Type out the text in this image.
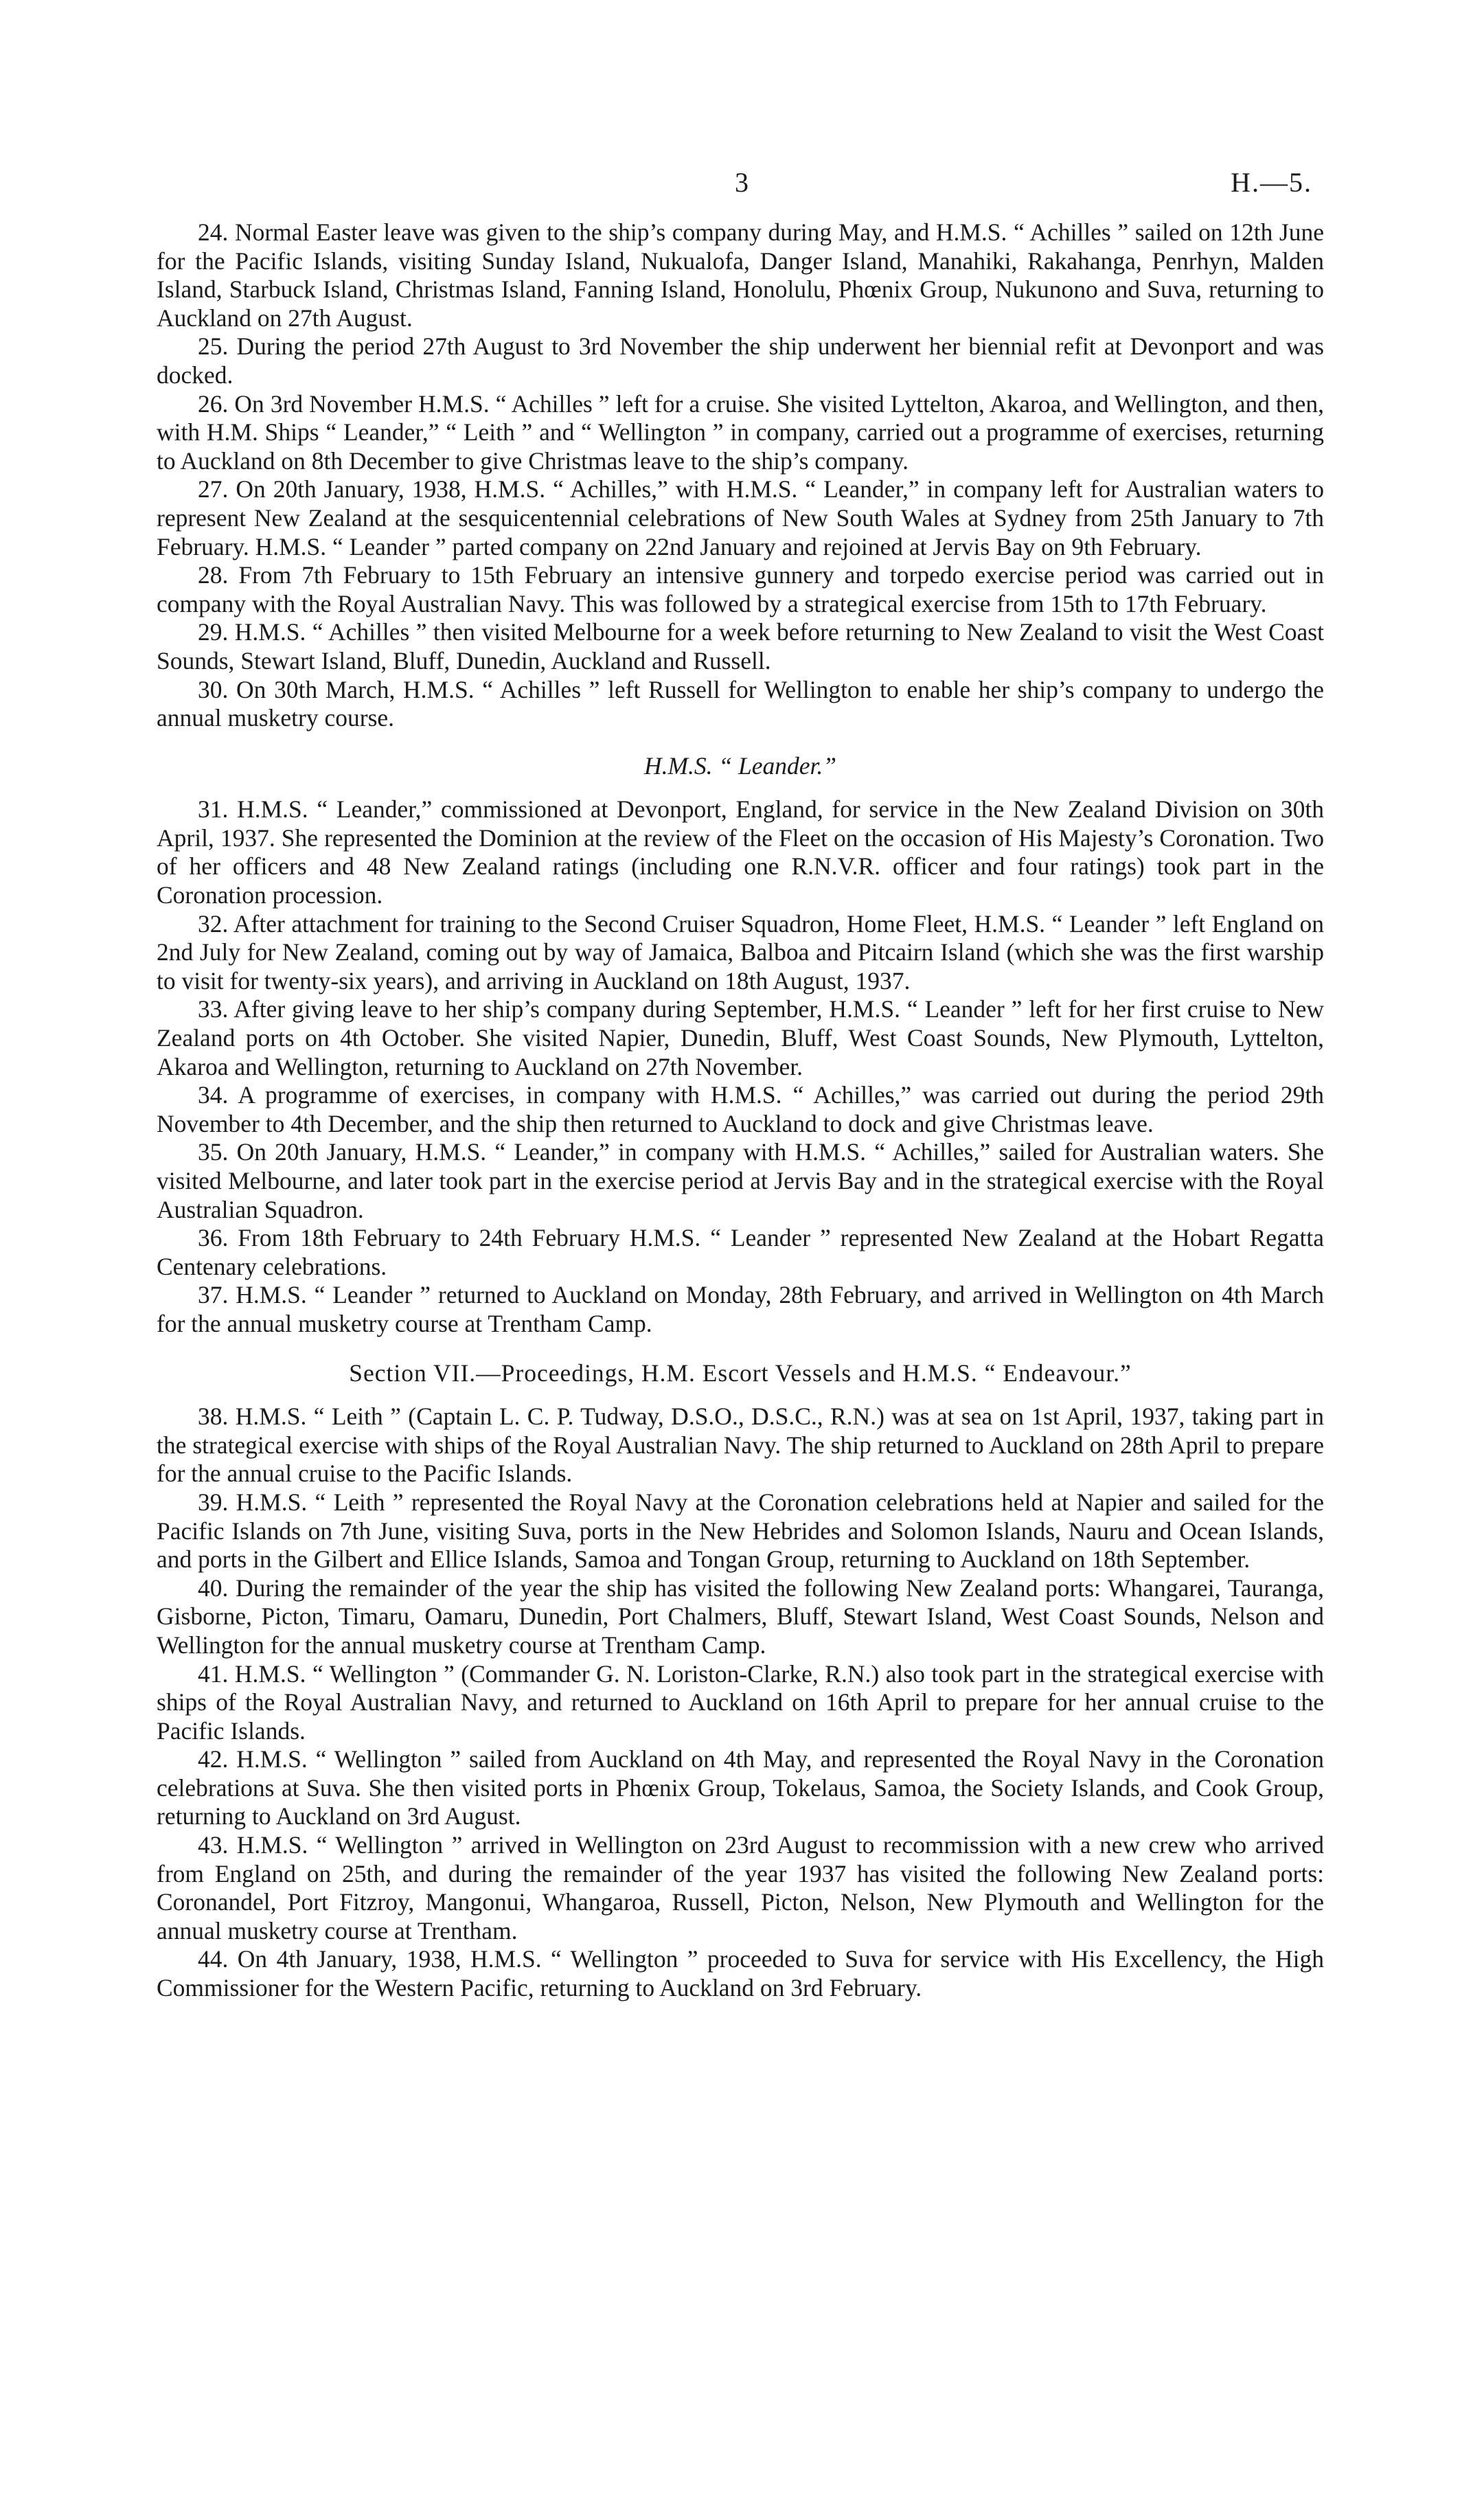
3	H.—5.

24. Normal Easter leave was given to the ship’s company during May, and H.M.S. “ Achilles ” sailed on 12th June for the Pacific Islands, visiting Sunday Island, Nukualofa, Danger Island, Manahiki, Rakahanga, Penrhyn, Malden Island, Starbuck Island, Christmas Island, Fanning Island, Honolulu, Phœnix Group, Nukunono and Suva, returning to Auckland on 27th August.

25. During the period 27th August to 3rd November the ship underwent her biennial refit at Devonport and was docked.

26. On 3rd November H.M.S. “ Achilles ” left for a cruise. She visited Lyttelton, Akaroa, and Wellington, and then, with H.M. Ships “ Leander,” “ Leith ” and “ Wellington ” in company, carried out a programme of exercises, returning to Auckland on 8th December to give Christmas leave to the ship’s company.

27. On 20th January, 1938, H.M.S. “ Achilles,” with H.M.S. “ Leander,” in company left for Australian waters to represent New Zealand at the sesquicentennial celebrations of New South Wales at Sydney from 25th January to 7th February. H.M.S. “ Leander ” parted company on 22nd January and rejoined at Jervis Bay on 9th February.

28. From 7th February to 15th February an intensive gunnery and torpedo exercise period was carried out in company with the Royal Australian Navy. This was followed by a strategical exercise from 15th to 17th February.

29. H.M.S. “ Achilles ” then visited Melbourne for a week before returning to New Zealand to visit the West Coast Sounds, Stewart Island, Bluff, Dunedin, Auckland and Russell.

30. On 30th March, H.M.S. “ Achilles ” left Russell for Wellington to enable her ship’s company to undergo the annual musketry course.

H.M.S. “ Leander.”

31. H.M.S. “ Leander,” commissioned at Devonport, England, for service in the New Zealand Division on 30th April, 1937. She represented the Dominion at the review of the Fleet on the occasion of His Majesty’s Coronation. Two of her officers and 48 New Zealand ratings (including one R.N.V.R. officer and four ratings) took part in the Coronation procession.

32. After attachment for training to the Second Cruiser Squadron, Home Fleet, H.M.S. “ Leander ” left England on 2nd July for New Zealand, coming out by way of Jamaica, Balboa and Pitcairn Island (which she was the first warship to visit for twenty-six years), and arriving in Auckland on 18th August, 1937.

33. After giving leave to her ship’s company during September, H.M.S. “ Leander ” left for her first cruise to New Zealand ports on 4th October. She visited Napier, Dunedin, Bluff, West Coast Sounds, New Plymouth, Lyttelton, Akaroa and Wellington, returning to Auckland on 27th November.

34. A programme of exercises, in company with H.M.S. “ Achilles,” was carried out during the period 29th November to 4th December, and the ship then returned to Auckland to dock and give Christmas leave.

35. On 20th January, H.M.S. “ Leander,” in company with H.M.S. “ Achilles,” sailed for Australian waters. She visited Melbourne, and later took part in the exercise period at Jervis Bay and in the strategical exercise with the Royal Australian Squadron.

36. From 18th February to 24th February H.M.S. “ Leander ” represented New Zealand at the Hobart Regatta Centenary celebrations.

37. H.M.S. “ Leander ” returned to Auckland on Monday, 28th February, and arrived in Wellington on 4th March for the annual musketry course at Trentham Camp.

Section VII.—Proceedings, H.M. Escort Vessels and H.M.S. “ Endeavour.”

38. H.M.S. “ Leith ” (Captain L. C. P. Tudway, D.S.O., D.S.C., R.N.) was at sea on 1st April, 1937, taking part in the strategical exercise with ships of the Royal Australian Navy. The ship returned to Auckland on 28th April to prepare for the annual cruise to the Pacific Islands.

39. H.M.S. “ Leith ” represented the Royal Navy at the Coronation celebrations held at Napier and sailed for the Pacific Islands on 7th June, visiting Suva, ports in the New Hebrides and Solomon Islands, Nauru and Ocean Islands, and ports in the Gilbert and Ellice Islands, Samoa and Tongan Group, returning to Auckland on 18th September.

40. During the remainder of the year the ship has visited the following New Zealand ports: Whangarei, Tauranga, Gisborne, Picton, Timaru, Oamaru, Dunedin, Port Chalmers, Bluff, Stewart Island, West Coast Sounds, Nelson and Wellington for the annual musketry course at Trentham Camp.

41. H.M.S. “ Wellington ” (Commander G. N. Loriston-Clarke, R.N.) also took part in the strategical exercise with ships of the Royal Australian Navy, and returned to Auckland on 16th April to prepare for her annual cruise to the Pacific Islands.

42. H.M.S. “ Wellington ” sailed from Auckland on 4th May, and represented the Royal Navy in the Coronation celebrations at Suva. She then visited ports in Phœnix Group, Tokelaus, Samoa, the Society Islands, and Cook Group, returning to Auckland on 3rd August.

43. H.M.S. “ Wellington ” arrived in Wellington on 23rd August to recommission with a new crew who arrived from England on 25th, and during the remainder of the year 1937 has visited the following New Zealand ports: Coronandel, Port Fitzroy, Mangonui, Whangaroa, Russell, Picton, Nelson, New Plymouth and Wellington for the annual musketry course at Trentham.

44. On 4th January, 1938, H.M.S. “ Wellington ” proceeded to Suva for service with His Excellency, the High Commissioner for the Western Pacific, returning to Auckland on 3rd February.
